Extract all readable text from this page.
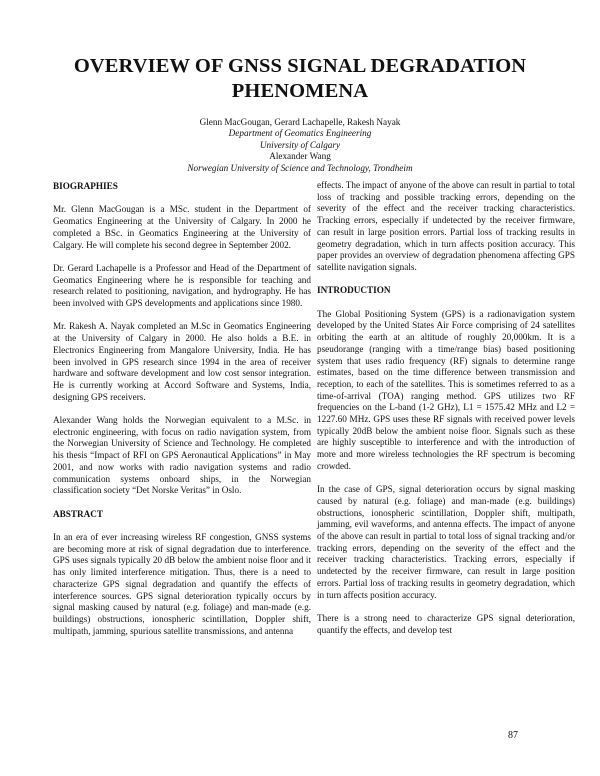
OVERVIEW OF GNSS SIGNAL DEGRADATION PHENOMENA
Glenn MacGougan, Gerard Lachapelle, Rakesh Nayak
Department of Geomatics Engineering
University of Calgary
Alexander Wang
Norwegian University of Science and Technology, Trondheim
BIOGRAPHIES

Mr. Glenn MacGougan is a MSc. student in the Department of Geomatics Engineering at the University of Calgary. In 2000 he completed a BSc. in Geomatics Engineering at the University of Calgary. He will complete his second degree in September 2002.

Dr. Gerard Lachapelle is a Professor and Head of the Department of Geomatics Engineering where he is responsible for teaching and research related to positioning, navigation, and hydrography. He has been involved with GPS developments and applications since 1980.

Mr. Rakesh A. Nayak completed an M.Sc in Geomatics Engineering at the University of Calgary in 2000. He also holds a B.E. in Electronics Engineering from Mangalore University, India. He has been involved in GPS research since 1994 in the area of receiver hardware and software development and low cost sensor integration. He is currently working at Accord Software and Systems, India, designing GPS receivers.

Alexander Wang holds the Norwegian equivalent to a M.Sc. in electronic engineering, with focus on radio navigation system, from the Norwegian University of Science and Technology. He completed his thesis “Impact of RFI on GPS Aeronautical Applications” in May 2001, and now works with radio navigation systems and radio communication systems onboard ships, in the Norwegian classification society “Det Norske Veritas” in Oslo.

ABSTRACT

In an era of ever increasing wireless RF congestion, GNSS systems are becoming more at risk of signal degradation due to interference. GPS uses signals typically 20 dB below the ambient noise floor and it has only limited interference mitigation. Thus, there is a need to characterize GPS signal degradation and quantify the effects of interference sources. GPS signal deterioration typically occurs by signal masking caused by natural (e.g. foliage) and man-made (e.g. buildings) obstructions, ionospheric scintillation, Doppler shift, multipath, jamming, spurious satellite transmissions, and antenna

effects. The impact of anyone of the above can result in partial to total loss of tracking and possible tracking errors, depending on the severity of the effect and the receiver tracking characteristics. Tracking errors, especially if undetected by the receiver firmware, can result in large position errors. Partial loss of tracking results in geometry degradation, which in turn affects position accuracy. This paper provides an overview of degradation phenomena affecting GPS satellite navigation signals.

INTRODUCTION

The Global Positioning System (GPS) is a radionavigation system developed by the United States Air Force comprising of 24 satellites orbiting the earth at an altitude of roughly 20,000km. It is a pseudorange (ranging with a time/range bias) based positioning system that uses radio frequency (RF) signals to determine range estimates, based on the time difference between transmission and reception, to each of the satellites. This is sometimes referred to as a time-of-arrival (TOA) ranging method. GPS utilizes two RF frequencies on the L-band (1-2 GHz), L1 = 1575.42 MHz and L2 = 1227.60 MHz. GPS uses these RF signals with received power levels typically 20dB below the ambient noise floor. Signals such as these are highly susceptible to interference and with the introduction of more and more wireless technologies the RF spectrum is becoming crowded.

In the case of GPS, signal deterioration occurs by signal masking caused by natural (e.g. foliage) and man-made (e.g. buildings) obstructions, ionospheric scintillation, Doppler shift, multipath, jamming, evil waveforms, and antenna effects. The impact of anyone of the above can result in partial to total loss of signal tracking and/or tracking errors, depending on the severity of the effect and the receiver tracking characteristics. Tracking errors, especially if undetected by the receiver firmware, can result in large position errors. Partial loss of tracking results in geometry degradation, which in turn affects position accuracy.

There is a strong need to characterize GPS signal deterioration, quantify the effects, and develop test

87
